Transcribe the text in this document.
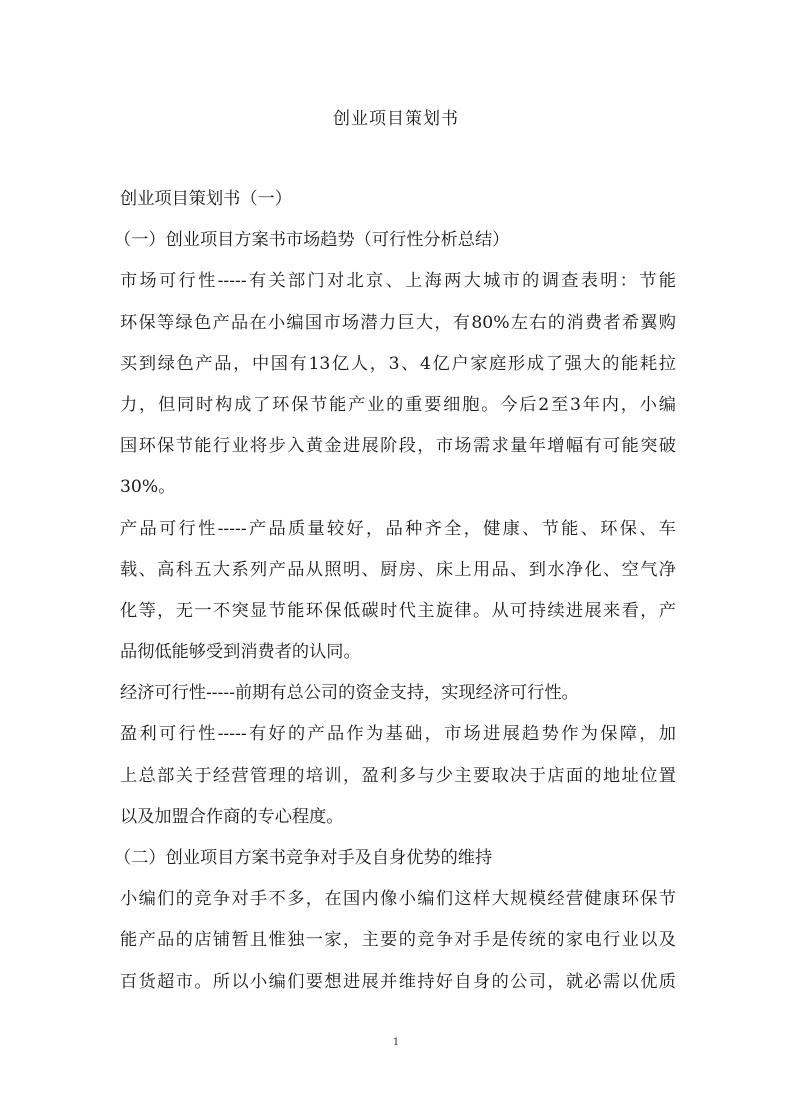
创业项目策划书
创业项目策划书（一）
（一）创业项目方案书市场趋势（可行性分析总结）
市场可行性-----有关部门对北京、上海两大城市的调查表明：节能
环保等绿色产品在小编国市场潜力巨大，有80%左右的消费者希翼购
买到绿色产品，中国有13亿人，3、4亿户家庭形成了强大的能耗拉
力，但同时构成了环保节能产业的重要细胞。今后2至3年内，小编
国环保节能行业将步入黄金进展阶段，市场需求量年增幅有可能突破
30%。
产品可行性-----产品质量较好，品种齐全，健康、节能、环保、车
载、高科五大系列产品从照明、厨房、床上用品、到水净化、空气净
化等，无一不突显节能环保低碳时代主旋律。从可持续进展来看，产
品彻低能够受到消费者的认同。
经济可行性-----前期有总公司的资金支持，实现经济可行性。
盈利可行性-----有好的产品作为基础，市场进展趋势作为保障，加
上总部关于经营管理的培训，盈利多与少主要取决于店面的地址位置
以及加盟合作商的专心程度。
（二）创业项目方案书竞争对手及自身优势的维持
小编们的竞争对手不多，在国内像小编们这样大规模经营健康环保节
能产品的店铺暂且惟独一家，主要的竞争对手是传统的家电行业以及
百货超市。所以小编们要想进展并维持好自身的公司，就必需以优质
1
